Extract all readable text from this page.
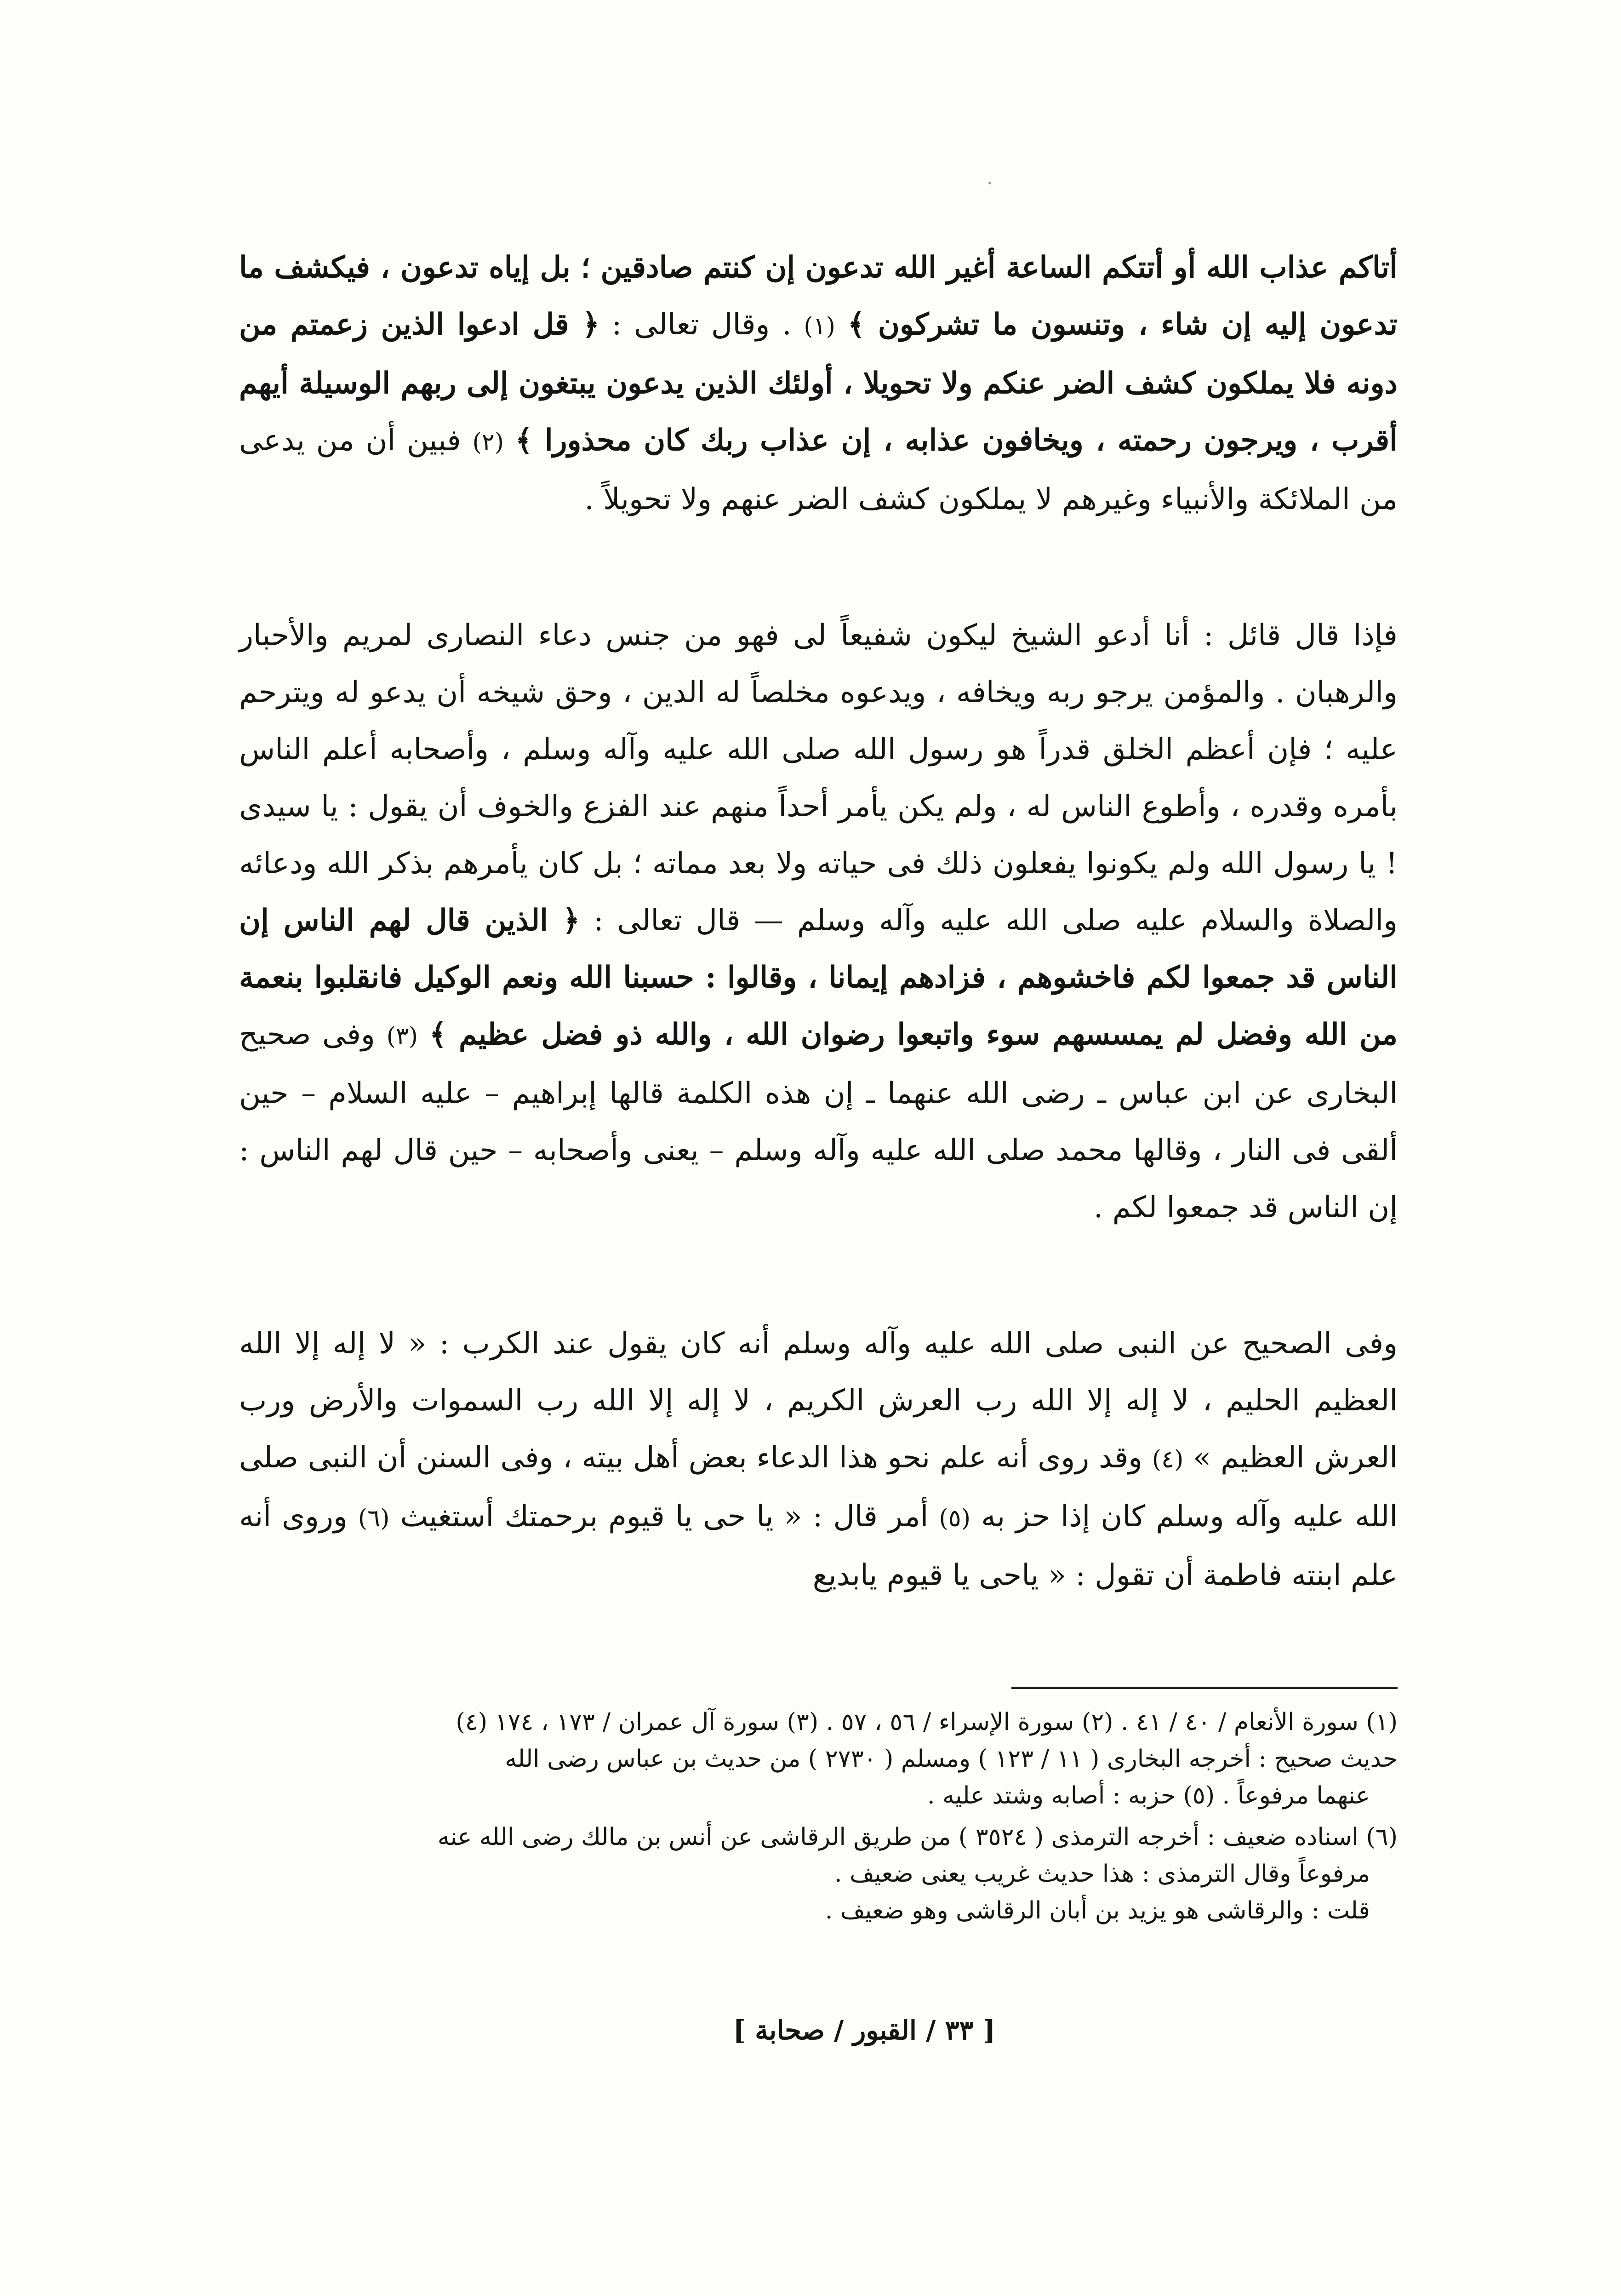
أتاكم عذاب الله أو أتتكم الساعة أغير الله تدعون إن كنتم صادقين ؛ بل إياه تدعون ، فيكشف ما تدعون إليه إن شاء ، وتنسون ما تشركون ﴾ (١) . وقال تعالى : ﴿ قل ادعوا الذين زعمتم من دونه فلا يملكون كشف الضر عنكم ولا تحويلا ، أولئك الذين يدعون يبتغون إلى ربهم الوسيلة أيهم أقرب ، ويرجون رحمته ، ويخافون عذابه ، إن عذاب ربك كان محذورا ﴾ (٢) فبين أن من يدعى من الملائكة والأنبياء وغيرهم لا يملكون كشف الضر عنهم ولا تحويلاً .

فإذا قال قائل : أنا أدعو الشيخ ليكون شفيعاً لى فهو من جنس دعاء النصارى لمريم والأحبار والرهبان . والمؤمن يرجو ربه ويخافه ، ويدعوه مخلصاً له الدين ، وحق شيخه أن يدعو له ويترحم عليه ؛ فإن أعظم الخلق قدراً هو رسول الله صلى الله عليه وآله وسلم ، وأصحابه أعلم الناس بأمره وقدره ، وأطوع الناس له ، ولم يكن يأمر أحداً منهم عند الفزع والخوف أن يقول : يا سيدى ! يا رسول الله ولم يكونوا يفعلون ذلك فى حياته ولا بعد مماته ؛ بل كان يأمرهم بذكر الله ودعائه والصلاة والسلام عليه صلى الله عليه وآله وسلم — قال تعالى : ﴿ الذين قال لهم الناس إن الناس قد جمعوا لكم فاخشوهم ، فزادهم إيمانا ، وقالوا : حسبنا الله ونعم الوكيل فانقلبوا بنعمة من الله وفضل لم يمسسهم سوء واتبعوا رضوان الله ، والله ذو فضل عظيم ﴾ (٣) وفى صحيح البخارى عن ابن عباس ـ رضى الله عنهما ـ إن هذه الكلمة قالها إبراهيم – عليه السلام – حين ألقى فى النار ، وقالها محمد صلى الله عليه وآله وسلم – يعنى وأصحابه – حين قال لهم الناس : إن الناس قد جمعوا لكم .

وفى الصحيح عن النبى صلى الله عليه وآله وسلم أنه كان يقول عند الكرب : « لا إله إلا الله العظيم الحليم ، لا إله إلا الله رب العرش الكريم ، لا إله إلا الله رب السموات والأرض ورب العرش العظيم » (٤) وقد روى أنه علم نحو هذا الدعاء بعض أهل بيته ، وفى السنن أن النبى صلى الله عليه وآله وسلم كان إذا حز به (٥) أمر قال : « يا حى يا قيوم برحمتك أستغيث (٦) وروى أنه علم ابنته فاطمة أن تقول : « ياحى يا قيوم يابديع

(١) سورة الأنعام / ٤٠ / ٤١ . (٢) سورة الإسراء / ٥٦ ، ٥٧ . (٣) سورة آل عمران / ١٧٣ ، ١٧٤ (٤)

حديث صحيح : أخرجه البخارى ( ١١ / ١٢٣ ) ومسلم ( ٢٧٣٠ ) من حديث بن عباس رضى الله

عنهما مرفوعاً . (٥) حزبه : أصابه وشتد عليه .

(٦) اسناده ضعيف : أخرجه الترمذى ( ٣٥٢٤ ) من طريق الرقاشى عن أنس بن مالك رضى الله عنه

مرفوعاً وقال الترمذى : هذا حديث غريب يعنى ضعيف .

قلت : والرقاشى هو يزيد بن أبان الرقاشى وهو ضعيف .

[ ٣٣ / القبور / صحابة ]
